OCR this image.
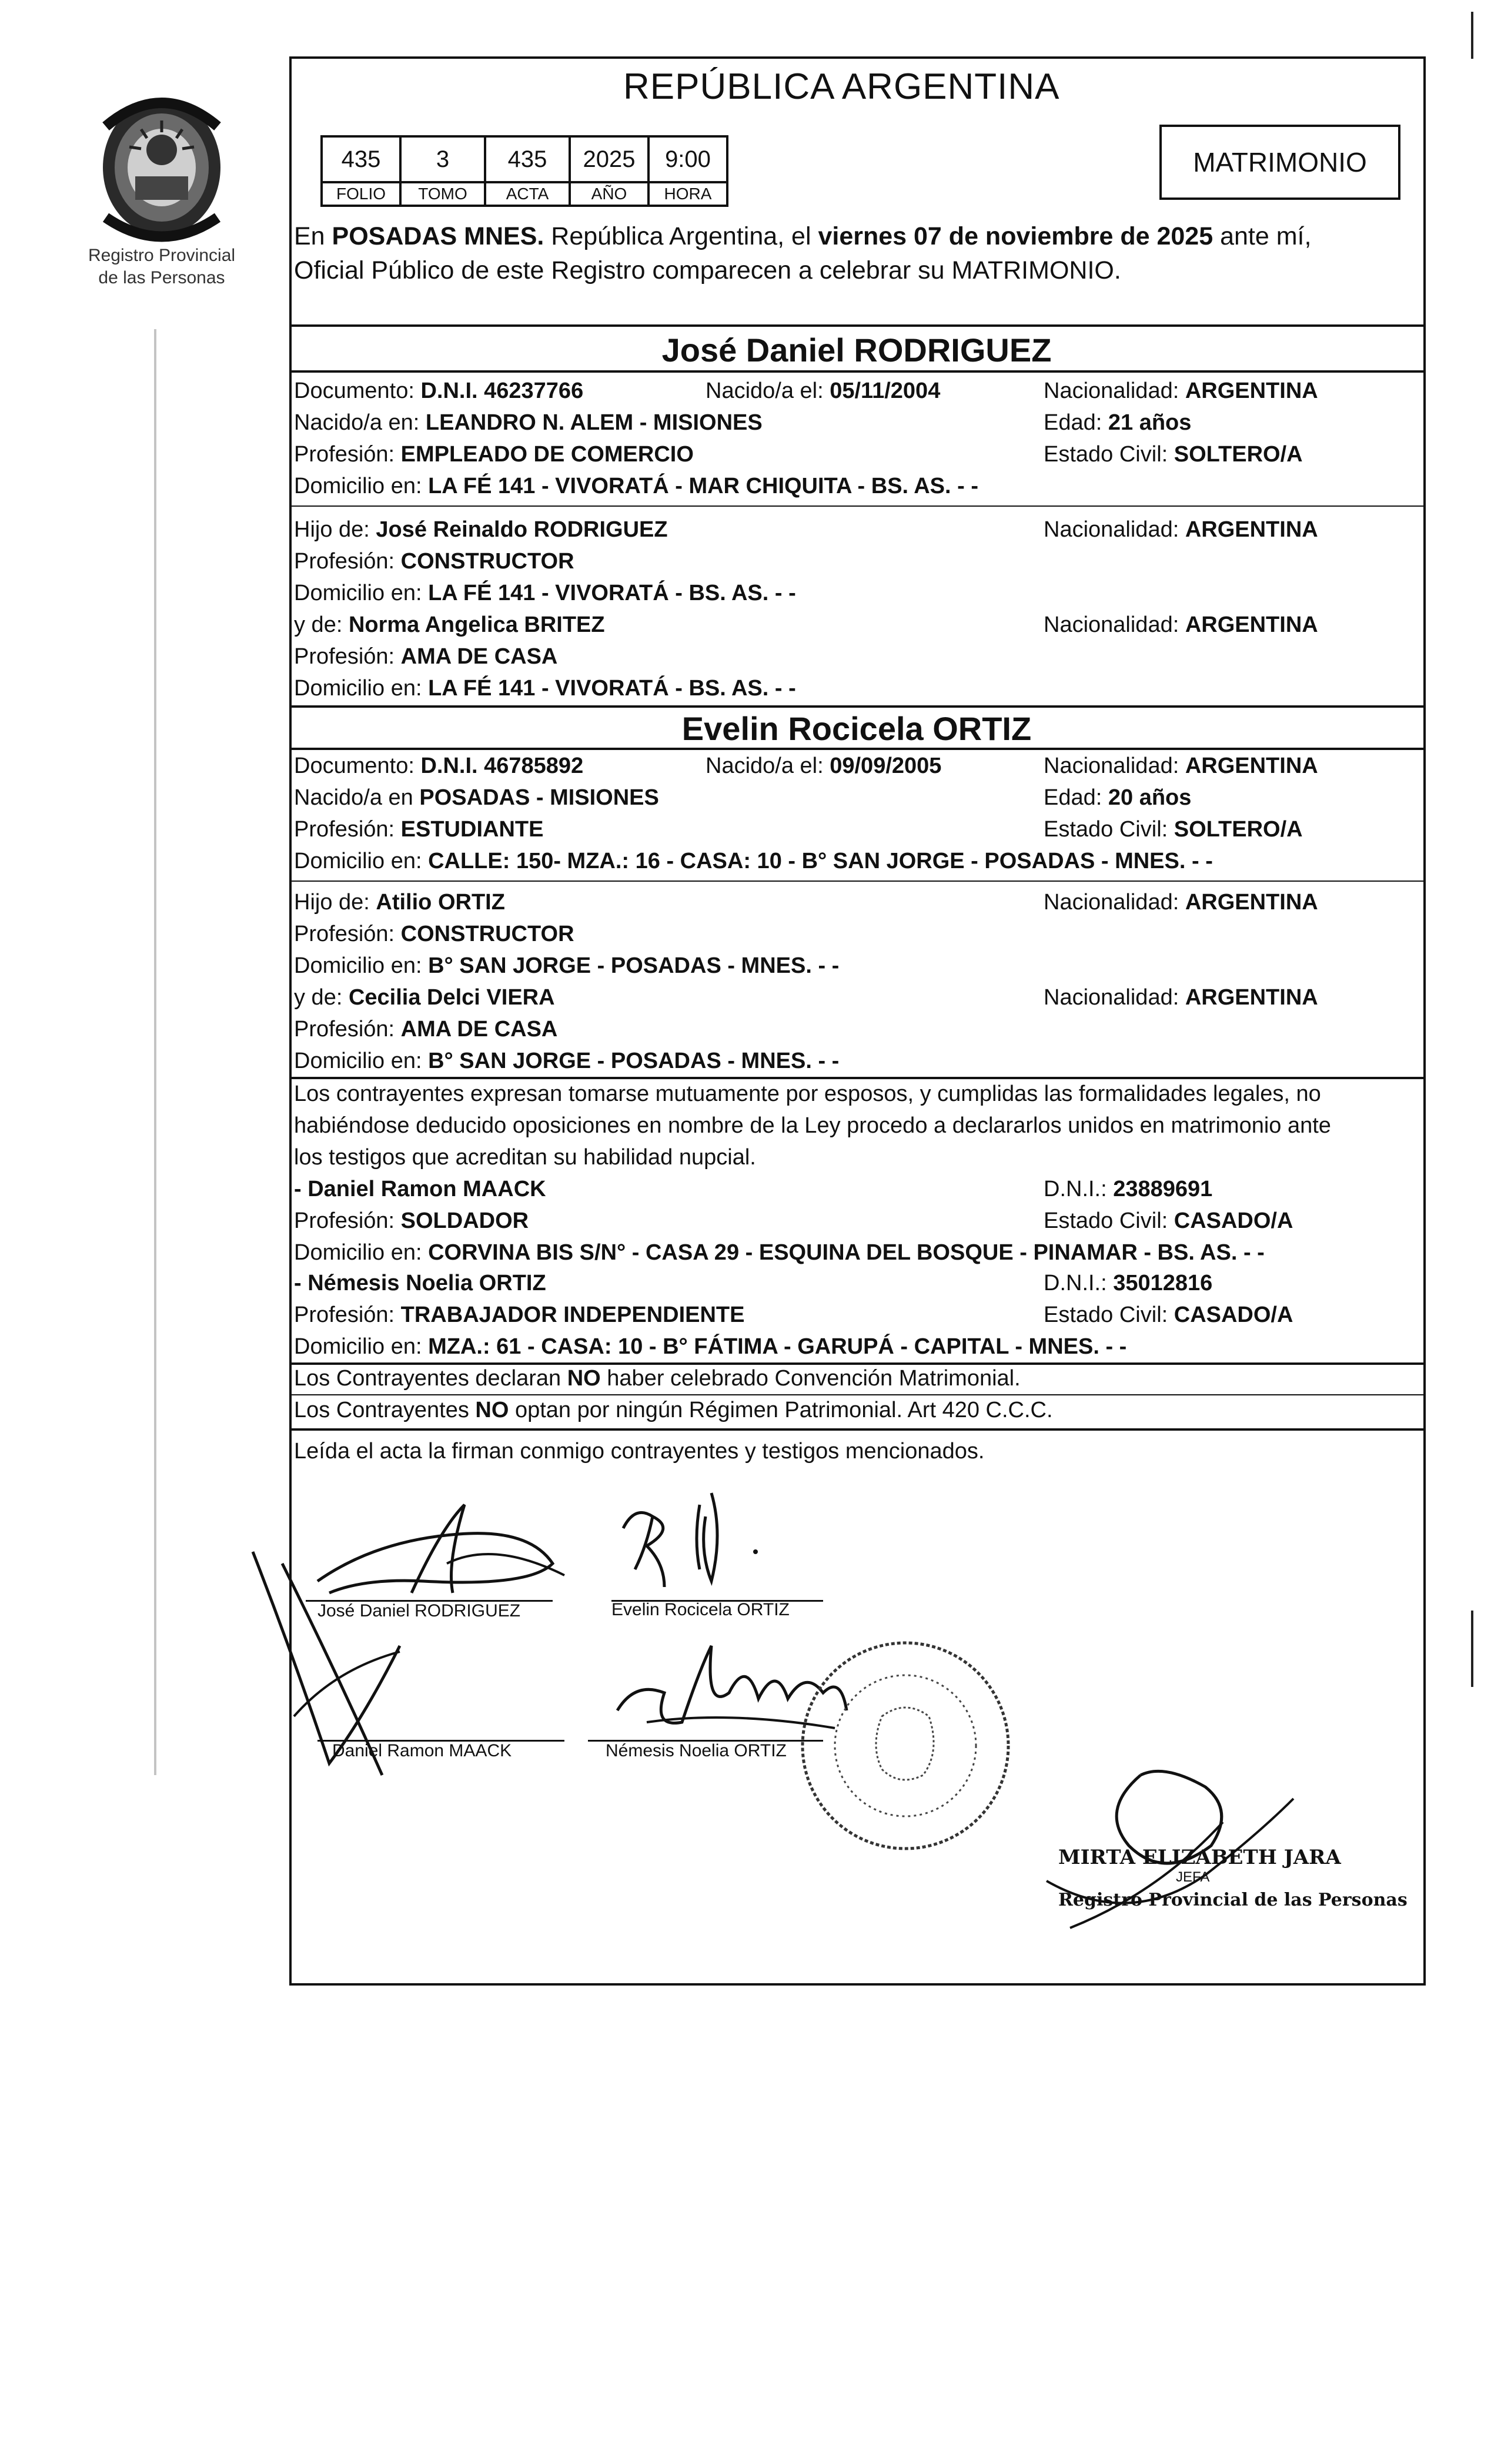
Registro Provincial
de las Personas
REPÚBLICA ARGENTINA
435	3	435	2025	9:00
FOLIO	TOMO	ACTA	AÑO	HORA
MATRIMONIO
En POSADAS MNES. República Argentina, el viernes 07 de noviembre de 2025 ante mí,
Oficial Público de este Registro comparecen a celebrar su MATRIMONIO.
José Daniel RODRIGUEZ
Documento: D.N.I. 46237766	Nacido/a el: 05/11/2004	Nacionalidad: ARGENTINA
Nacido/a en: LEANDRO N. ALEM - MISIONES	Edad: 21 años
Profesión: EMPLEADO DE COMERCIO	Estado Civil: SOLTERO/A
Domicilio en: LA FÉ 141 - VIVORATÁ - MAR CHIQUITA - BS. AS. - -
Hijo de: José Reinaldo RODRIGUEZ	Nacionalidad: ARGENTINA
Profesión: CONSTRUCTOR
Domicilio en: LA FÉ 141 - VIVORATÁ - BS. AS. - -
y de: Norma Angelica BRITEZ	Nacionalidad: ARGENTINA
Profesión: AMA DE CASA
Domicilio en: LA FÉ 141 - VIVORATÁ - BS. AS. - -
Evelin Rocicela ORTIZ
Documento: D.N.I. 46785892	Nacido/a el: 09/09/2005	Nacionalidad: ARGENTINA
Nacido/a en POSADAS - MISIONES	Edad: 20 años
Profesión: ESTUDIANTE	Estado Civil: SOLTERO/A
Domicilio en: CALLE: 150- MZA.: 16 - CASA: 10 - B° SAN JORGE - POSADAS - MNES. - -
Hijo de: Atilio ORTIZ	Nacionalidad: ARGENTINA
Profesión: CONSTRUCTOR
Domicilio en: B° SAN JORGE - POSADAS - MNES. - -
y de: Cecilia Delci VIERA	Nacionalidad: ARGENTINA
Profesión: AMA DE CASA
Domicilio en: B° SAN JORGE - POSADAS - MNES. - -
Los contrayentes expresan tomarse mutuamente por esposos, y cumplidas las formalidades legales, no
habiéndose deducido oposiciones en nombre de la Ley procedo a declararlos unidos en matrimonio ante
los testigos que acreditan su habilidad nupcial.
- Daniel Ramon MAACK	D.N.I.: 23889691
Profesión: SOLDADOR	Estado Civil: CASADO/A
Domicilio en: CORVINA BIS S/N° - CASA 29 - ESQUINA DEL BOSQUE - PINAMAR - BS. AS. - -
- Némesis Noelia ORTIZ	D.N.I.: 35012816
Profesión: TRABAJADOR INDEPENDIENTE	Estado Civil: CASADO/A
Domicilio en: MZA.: 61 - CASA: 10 - B° FÁTIMA - GARUPÁ - CAPITAL - MNES. - -
Los Contrayentes declaran NO haber celebrado Convención Matrimonial.
Los Contrayentes NO optan por ningún Régimen Patrimonial. Art 420 C.C.C.
Leída el acta la firman conmigo contrayentes y testigos mencionados.
José Daniel RODRIGUEZ	Evelin Rocicela ORTIZ
Daniel Ramon MAACK	Némesis Noelia ORTIZ
MIRTA ELIZABETH JARA
JEFA
Registro Provincial de las Personas
